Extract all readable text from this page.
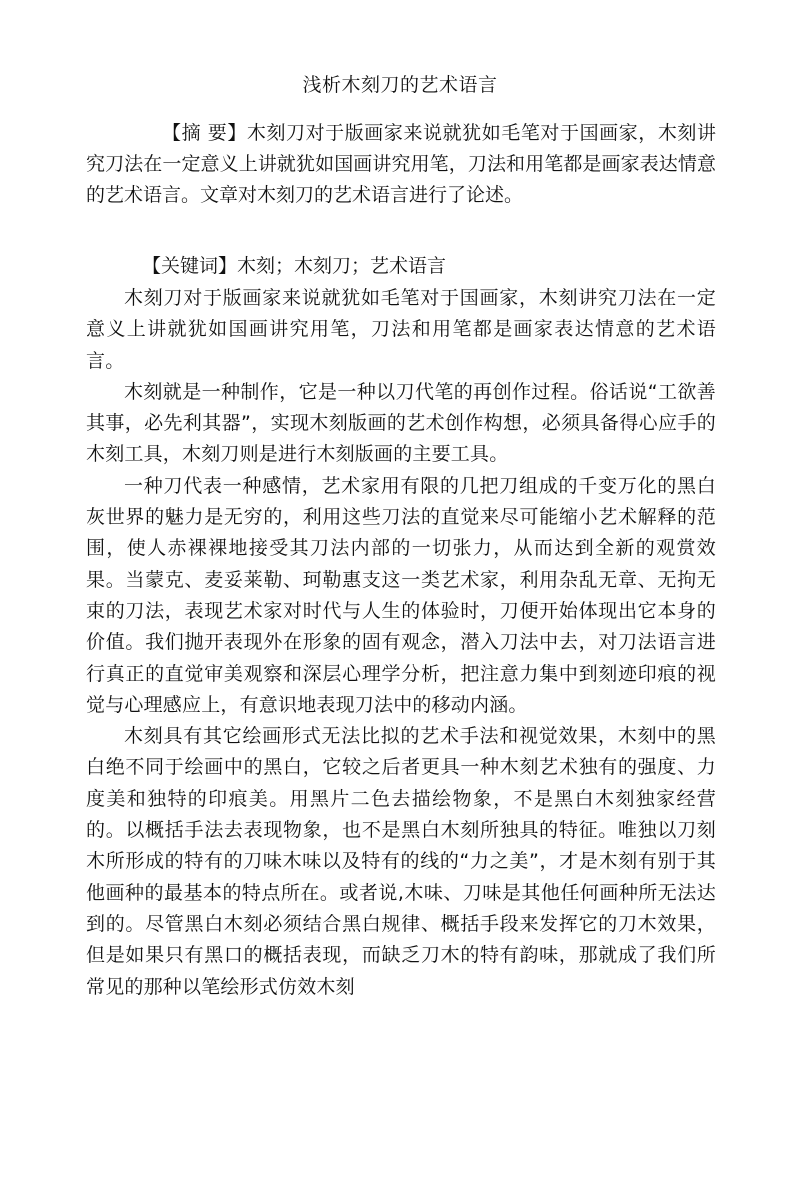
浅析木刻刀的艺术语言
【摘 要】木刻刀对于版画家来说就犹如毛笔对于国画家，木刻讲究刀法在一定意义上讲就犹如国画讲究用笔，刀法和用笔都是画家表达情意的艺术语言。文章对木刻刀的艺术语言进行了论述。
【关键词】木刻；木刻刀；艺术语言

木刻刀对于版画家来说就犹如毛笔对于国画家，木刻讲究刀法在一定意义上讲就犹如国画讲究用笔，刀法和用笔都是画家表达情意的艺术语言。

木刻就是一种制作，它是一种以刀代笔的再创作过程。俗话说“工欲善其事，必先利其器”，实现木刻版画的艺术创作构想，必须具备得心应手的木刻工具，木刻刀则是进行木刻版画的主要工具。

一种刀代表一种感情，艺术家用有限的几把刀组成的千变万化的黑白灰世界的魅力是无穷的，利用这些刀法的直觉来尽可能缩小艺术解释的范围，使人赤裸裸地接受其刀法内部的一切张力，从而达到全新的观赏效果。当蒙克、麦妥莱勒、珂勒惠支这一类艺术家，利用杂乱无章、无拘无束的刀法，表现艺术家对时代与人生的体验时，刀便开始体现出它本身的价值。我们抛开表现外在形象的固有观念，潜入刀法中去，对刀法语言进行真正的直觉审美观察和深层心理学分析，把注意力集中到刻迹印痕的视觉与心理感应上，有意识地表现刀法中的移动内涵。

木刻具有其它绘画形式无法比拟的艺术手法和视觉效果，木刻中的黑白绝不同于绘画中的黑白，它较之后者更具一种木刻艺术独有的强度、力度美和独特的印痕美。用黑片二色去描绘物象，不是黑白木刻独家经营的。以概括手法去表现物象，也不是黑白木刻所独具的特征。唯独以刀刻木所形成的特有的刀味木味以及特有的线的“力之美”，才是木刻有别于其他画种的最基本的特点所在。或者说,木味、刀味是其他任何画种所无法达到的。尽管黑白木刻必须结合黑白规律、概括手段来发挥它的刀木效果，但是如果只有黑口的概括表现，而缺乏刀木的特有韵味，那就成了我们所常见的那种以笔绘形式仿效木刻
